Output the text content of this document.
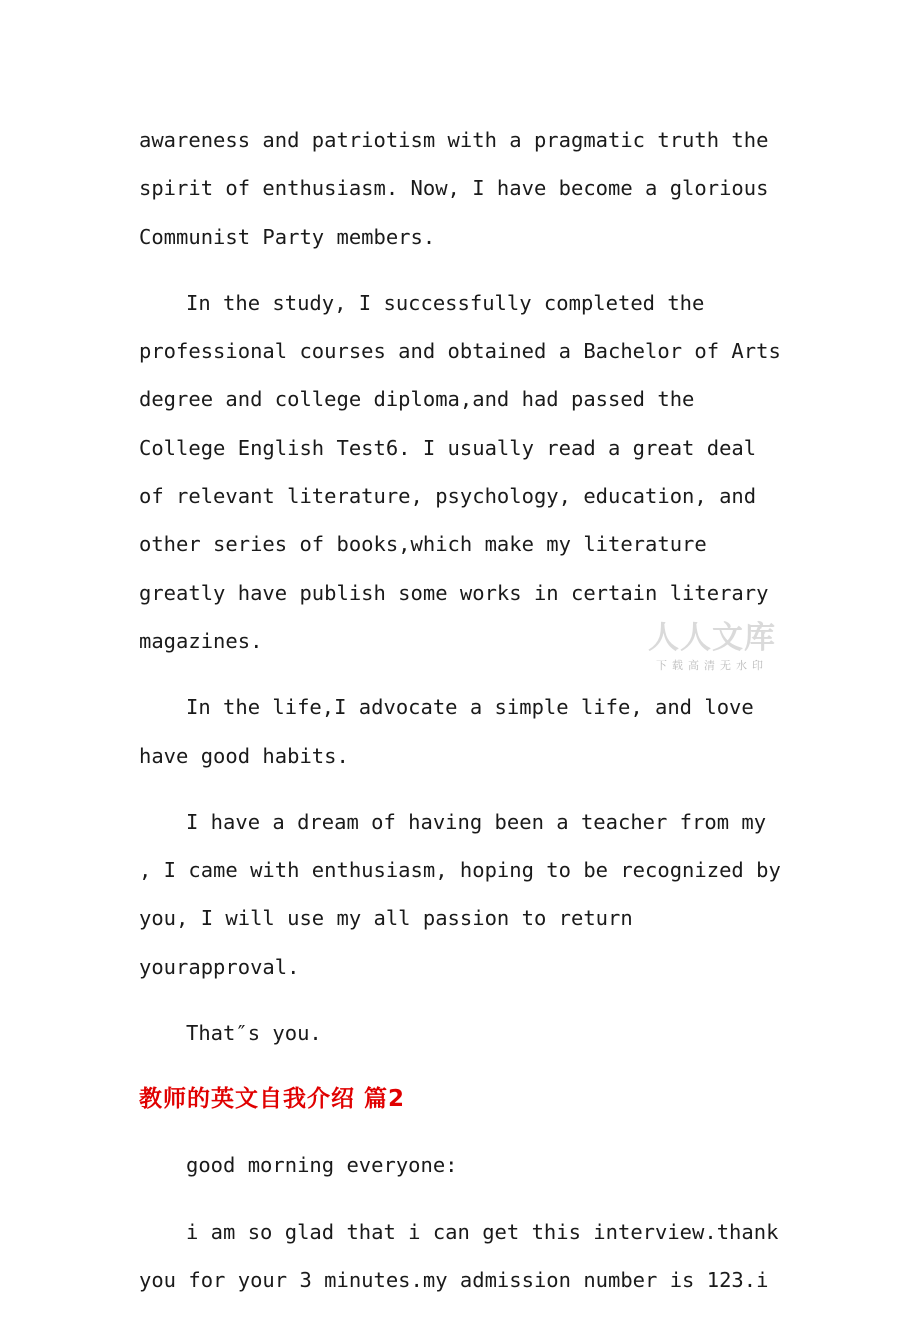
awareness and patriotism with a pragmatic truth the spirit of enthusiasm. Now, I have become a glorious Communist Party members.

In the study, I successfully completed the professional courses and obtained a Bachelor of Arts degree and college diploma,and had passed the College English Test6. I usually read a great deal of relevant literature, psychology, education, and other series of books,which make my literature greatly have publish some works in certain literary magazines.

In the life,I advocate a simple life, and love have good habits.

I have a dream of having been a teacher from my , I came with enthusiasm, hoping to be recognized by you, I will use my all passion to return yourapproval.

That″s you.

教师的英文自我介绍 篇2

good morning everyone:

i am so glad that i can get this interview.thank you for your 3 minutes.my admission number is 123.i

人人文库
下载高清无水印
